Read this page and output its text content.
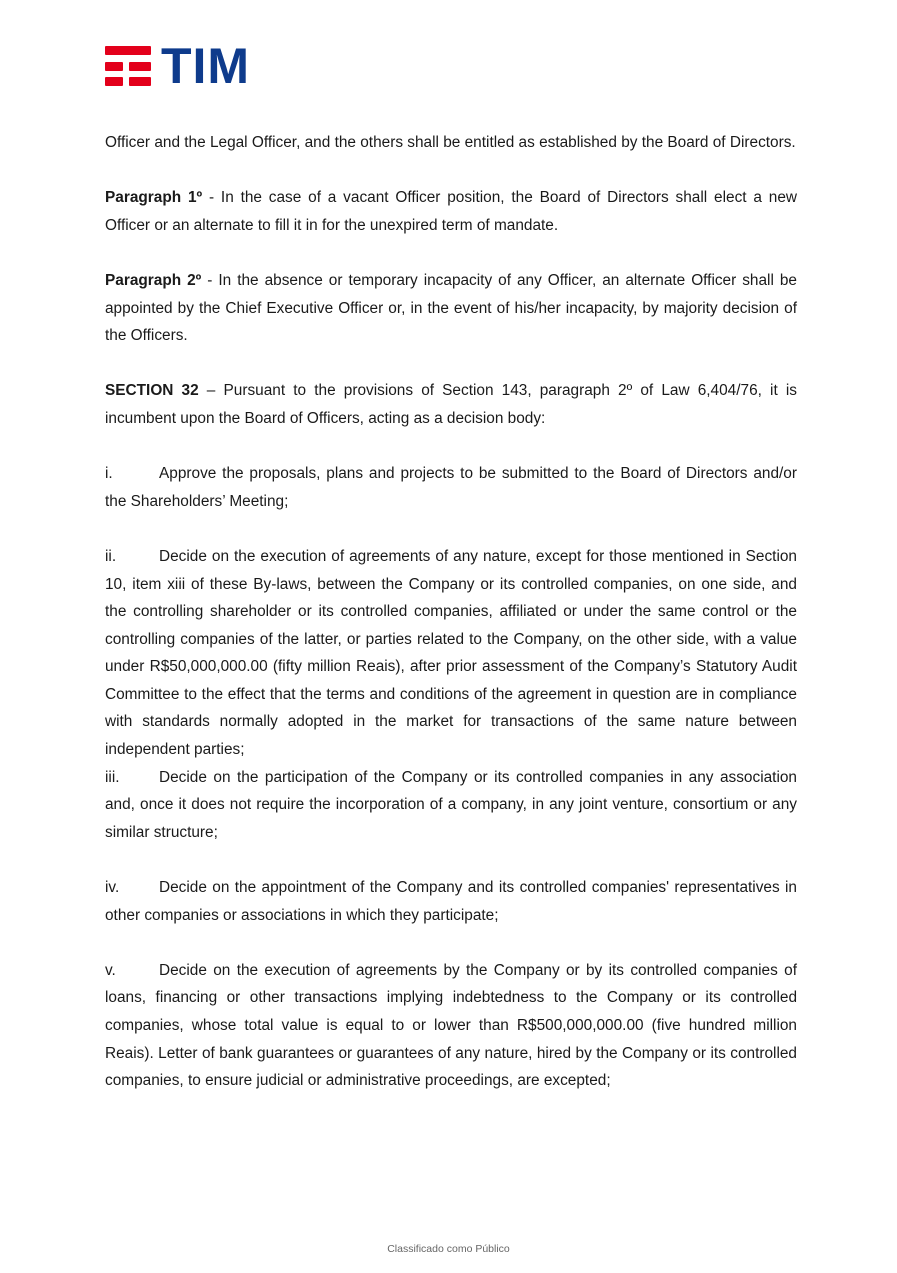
TIM

Officer and the Legal Officer, and the others shall be entitled as established by the Board of Directors.

Paragraph 1º - In the case of a vacant Officer position, the Board of Directors shall elect a new Officer or an alternate to fill it in for the unexpired term of mandate.

Paragraph 2º - In the absence or temporary incapacity of any Officer, an alternate Officer shall be appointed by the Chief Executive Officer or, in the event of his/her incapacity, by majority decision of the Officers.

SECTION 32 – Pursuant to the provisions of Section 143, paragraph 2º of Law 6,404/76, it is incumbent upon the Board of Officers, acting as a decision body:

i.	Approve the proposals, plans and projects to be submitted to the Board of Directors and/or the Shareholders’ Meeting;

ii.	Decide on the execution of agreements of any nature, except for those mentioned in Section 10, item xiii of these By-laws, between the Company or its controlled companies, on one side, and the controlling shareholder or its controlled companies, affiliated or under the same control or the controlling companies of the latter, or parties related to the Company, on the other side, with a value under R$50,000,000.00 (fifty million Reais), after prior assessment of the Company’s Statutory Audit Committee to the effect that the terms and conditions of the agreement in question are in compliance with standards normally adopted in the market for transactions of the same nature between independent parties;

iii.	Decide on the participation of the Company or its controlled companies in any association and, once it does not require the incorporation of a company, in any joint venture, consortium or any similar structure;

iv.	Decide on the appointment of the Company and its controlled companies' representatives in other companies or associations in which they participate;

v.	Decide on the execution of agreements by the Company or by its controlled companies of loans, financing or other transactions implying indebtedness to the Company or its controlled companies, whose total value is equal to or lower than R$500,000,000.00 (five hundred million Reais). Letter of bank guarantees or guarantees of any nature, hired by the Company or its controlled companies, to ensure judicial or administrative proceedings, are excepted;

Classificado como Público
